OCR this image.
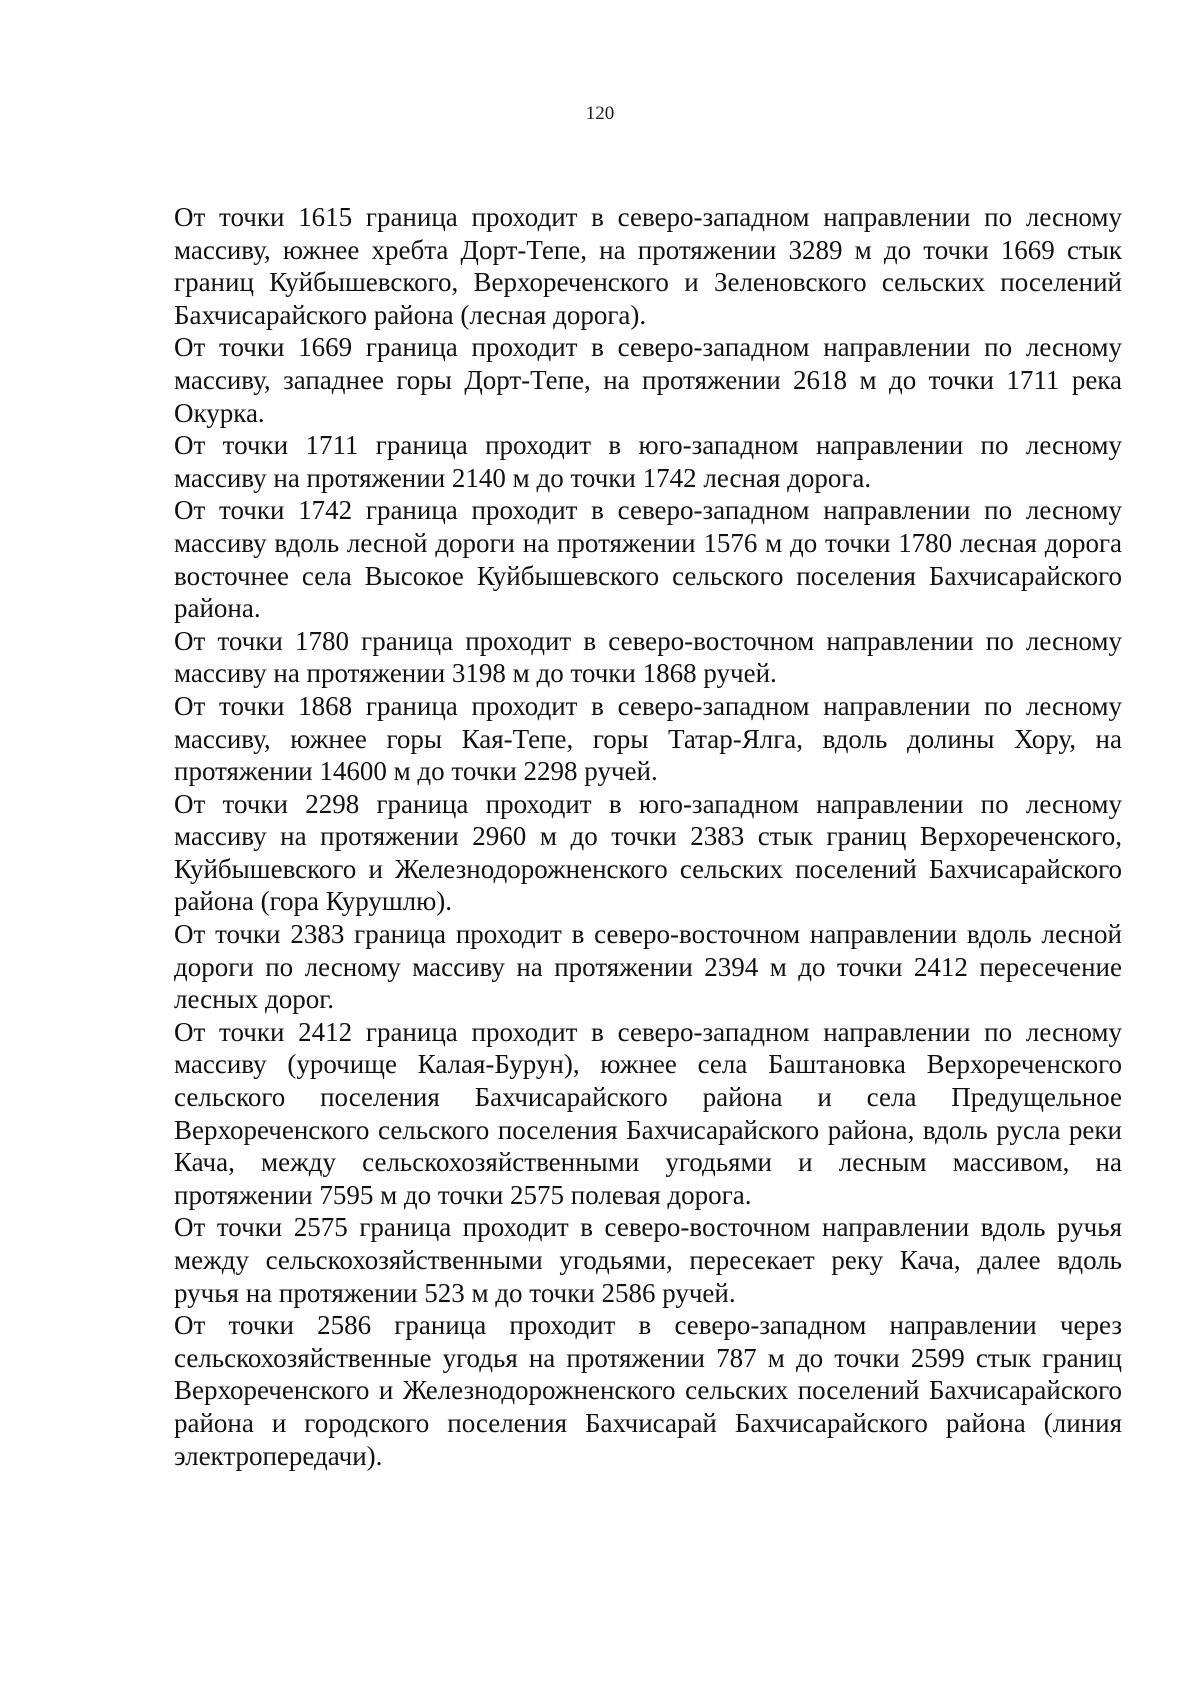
120

От точки 1615 граница проходит в северо-западном направлении по лесному массиву, южнее хребта Дорт-Тепе, на протяжении 3289 м до точки 1669 стык границ Куйбышевского, Верхореченского и Зеленовского сельских поселений Бахчисарайского района (лесная дорога).

От точки 1669 граница проходит в северо-западном направлении по лесному массиву, западнее горы Дорт-Тепе, на протяжении 2618 м до точки 1711 река Окурка.

От точки 1711 граница проходит в юго-западном направлении по лесному массиву на протяжении 2140 м до точки 1742 лесная дорога.

От точки 1742 граница проходит в северо-западном направлении по лесному массиву вдоль лесной дороги на протяжении 1576 м до точки 1780 лесная дорога восточнее села Высокое Куйбышевского сельского поселения Бахчисарайского района.

От точки 1780 граница проходит в северо-восточном направлении по лесному массиву на протяжении 3198 м до точки 1868 ручей.

От точки 1868 граница проходит в северо-западном направлении по лесному массиву, южнее горы Кая-Тепе, горы Татар-Ялга, вдоль долины Хору, на протяжении 14600 м до точки 2298 ручей.

От точки 2298 граница проходит в юго-западном направлении по лесному массиву на протяжении 2960 м до точки 2383 стык границ Верхореченского, Куйбышевского и Железнодорожненского сельских поселений Бахчисарайского района (гора Курушлю).

От точки 2383 граница проходит в северо-восточном направлении вдоль лесной дороги по лесному массиву на протяжении 2394 м до точки 2412 пересечение лесных дорог.

От точки 2412 граница проходит в северо-западном направлении по лесному массиву (урочище Калая-Бурун), южнее села Баштановка Верхореченского сельского поселения Бахчисарайского района и села Предущельное Верхореченского сельского поселения Бахчисарайского района, вдоль русла реки Кача, между сельскохозяйственными угодьями и лесным массивом, на протяжении 7595 м до точки 2575 полевая дорога.

От точки 2575 граница проходит в северо-восточном направлении вдоль ручья между сельскохозяйственными угодьями, пересекает реку Кача, далее вдоль ручья на протяжении 523 м до точки 2586 ручей.

От точки 2586 граница проходит в северо-западном направлении через сельскохозяйственные угодья на протяжении 787 м до точки 2599 стык границ Верхореченского и Железнодорожненского сельских поселений Бахчисарайского района и городского поселения Бахчисарай Бахчисарайского района (линия электропередачи).
